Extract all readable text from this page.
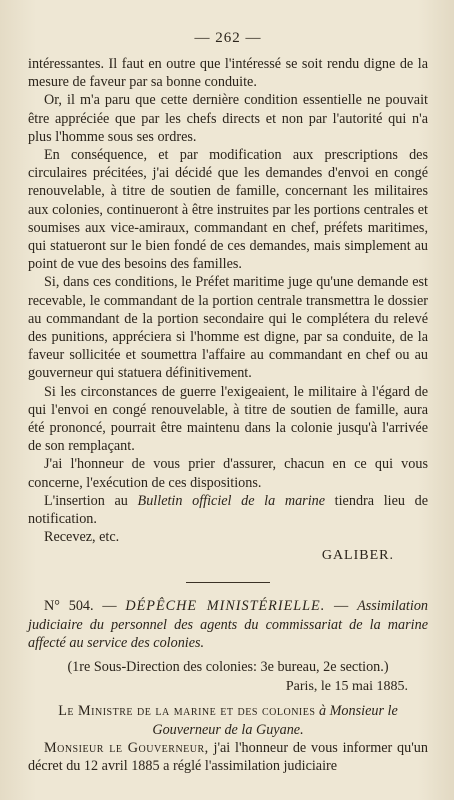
— 262 —

intéressantes. Il faut en outre que l'intéressé se soit rendu digne de la mesure de faveur par sa bonne conduite.

Or, il m'a paru que cette dernière condition essentielle ne pouvait être appréciée que par les chefs directs et non par l'autorité qui n'a plus l'homme sous ses ordres.

En conséquence, et par modification aux prescriptions des circulaires précitées, j'ai décidé que les demandes d'envoi en congé renouvelable, à titre de soutien de famille, concernant les militaires aux colonies, continueront à être instruites par les portions centrales et soumises aux vice-amiraux, commandant en chef, préfets maritimes, qui statueront sur le bien fondé de ces demandes, mais simplement au point de vue des besoins des familles.

Si, dans ces conditions, le Préfet maritime juge qu'une demande est recevable, le commandant de la portion centrale transmettra le dossier au commandant de la portion secondaire qui le complétera du relevé des punitions, appréciera si l'homme est digne, par sa conduite, de la faveur sollicitée et soumettra l'affaire au commandant en chef ou au gouverneur qui statuera définitivement.

Si les circonstances de guerre l'exigeaient, le militaire à l'égard de qui l'envoi en congé renouvelable, à titre de soutien de famille, aura été prononcé, pourrait être maintenu dans la colonie jusqu'à l'arrivée de son remplaçant.

J'ai l'honneur de vous prier d'assurer, chacun en ce qui vous concerne, l'exécution de ces dispositions.

L'insertion au Bulletin officiel de la marine tiendra lieu de notification.

Recevez, etc.

GALIBER.

N° 504. — DÉPÊCHE MINISTÉRIELLE. — Assimilation judiciaire du personnel des agents du commissariat de la marine affecté au service des colonies.

(1re Sous-Direction des colonies: 3e bureau, 2e section.)
Paris, le 15 mai 1885.

Le Ministre de la marine et des colonies à Monsieur le Gouverneur de la Guyane.

Monsieur le Gouverneur, j'ai l'honneur de vous informer qu'un décret du 12 avril 1885 a réglé l'assimilation judiciaire
